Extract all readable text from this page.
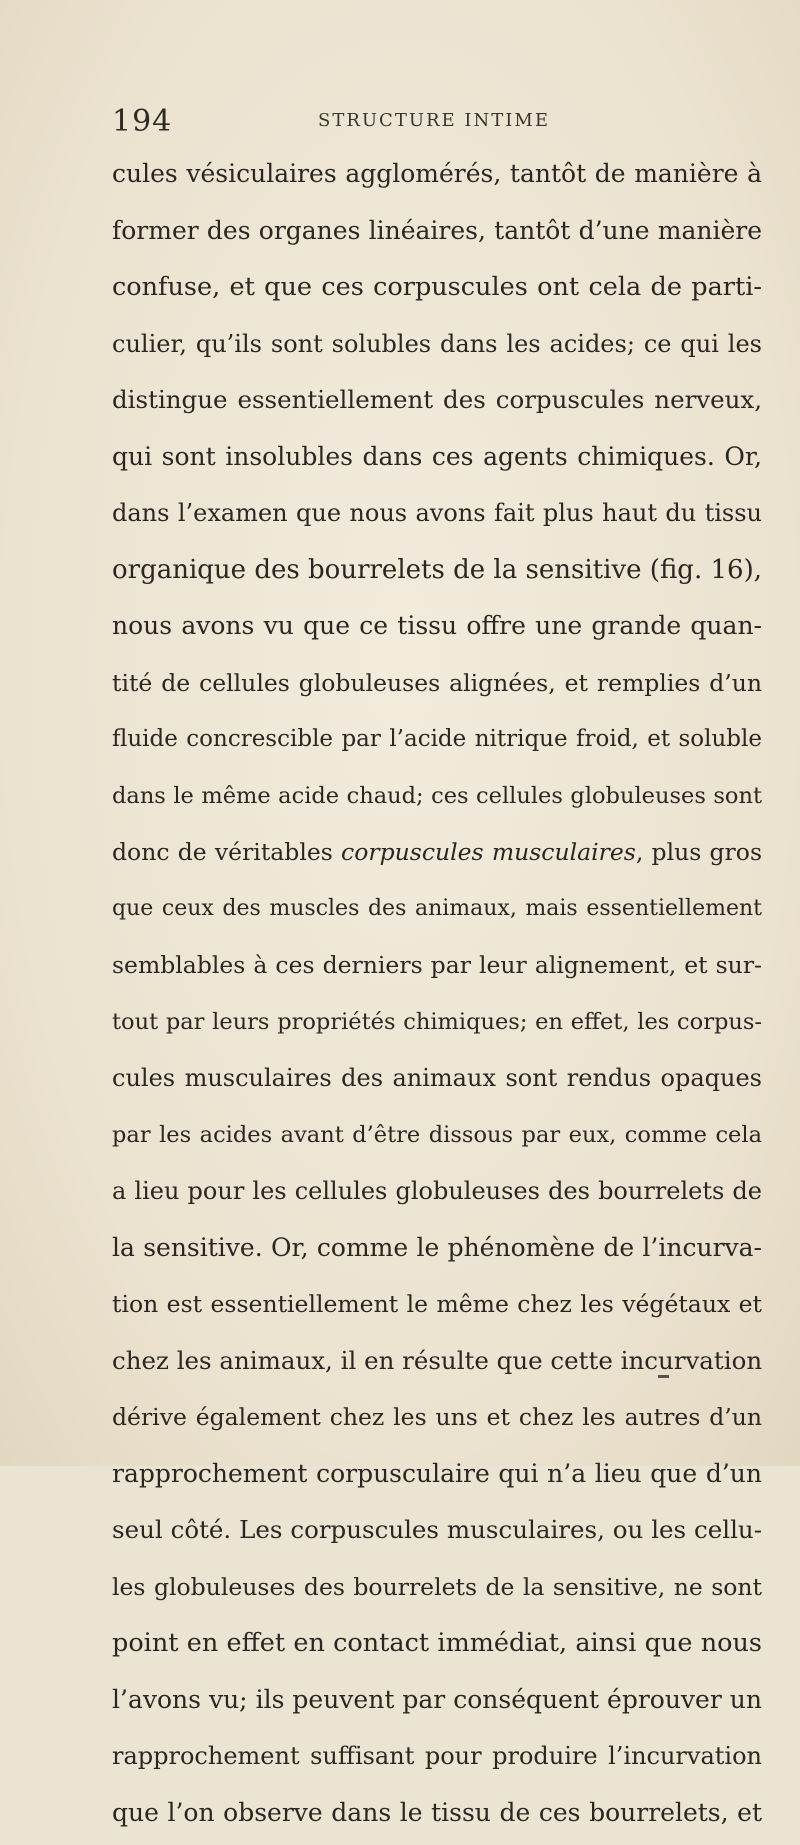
194	STRUCTURE INTIME
cules vésiculaires agglomérés, tantôt de manière à
former des organes linéaires, tantôt d’une manière
confuse, et que ces corpuscules ont cela de parti-
culier, qu’ils sont solubles dans les acides; ce qui les
distingue essentiellement des corpuscules nerveux,
qui sont insolubles dans ces agents chimiques. Or,
dans l’examen que nous avons fait plus haut du tissu
organique des bourrelets de la sensitive (fig. 16),
nous avons vu que ce tissu offre une grande quan-
tité de cellules globuleuses alignées, et remplies d’un
fluide concrescible par l’acide nitrique froid, et soluble
dans le même acide chaud; ces cellules globuleuses sont
donc de véritables corpuscules musculaires, plus gros
que ceux des muscles des animaux, mais essentiellement
semblables à ces derniers par leur alignement, et sur-
tout par leurs propriétés chimiques; en effet, les corpus-
cules musculaires des animaux sont rendus opaques
par les acides avant d’être dissous par eux, comme cela
a lieu pour les cellules globuleuses des bourrelets de
la sensitive. Or, comme le phénomène de l’incurva-
tion est essentiellement le même chez les végétaux et
chez les animaux, il en résulte que cette incurvation
dérive également chez les uns et chez les autres d’un
rapprochement corpusculaire qui n’a lieu que d’un
seul côté. Les corpuscules musculaires, ou les cellu-
les globuleuses des bourrelets de la sensitive, ne sont
point en effet en contact immédiat, ainsi que nous
l’avons vu; ils peuvent par conséquent éprouver un
rapprochement suffisant pour produire l’incurvation
que l’on observe dans le tissu de ces bourrelets, et
